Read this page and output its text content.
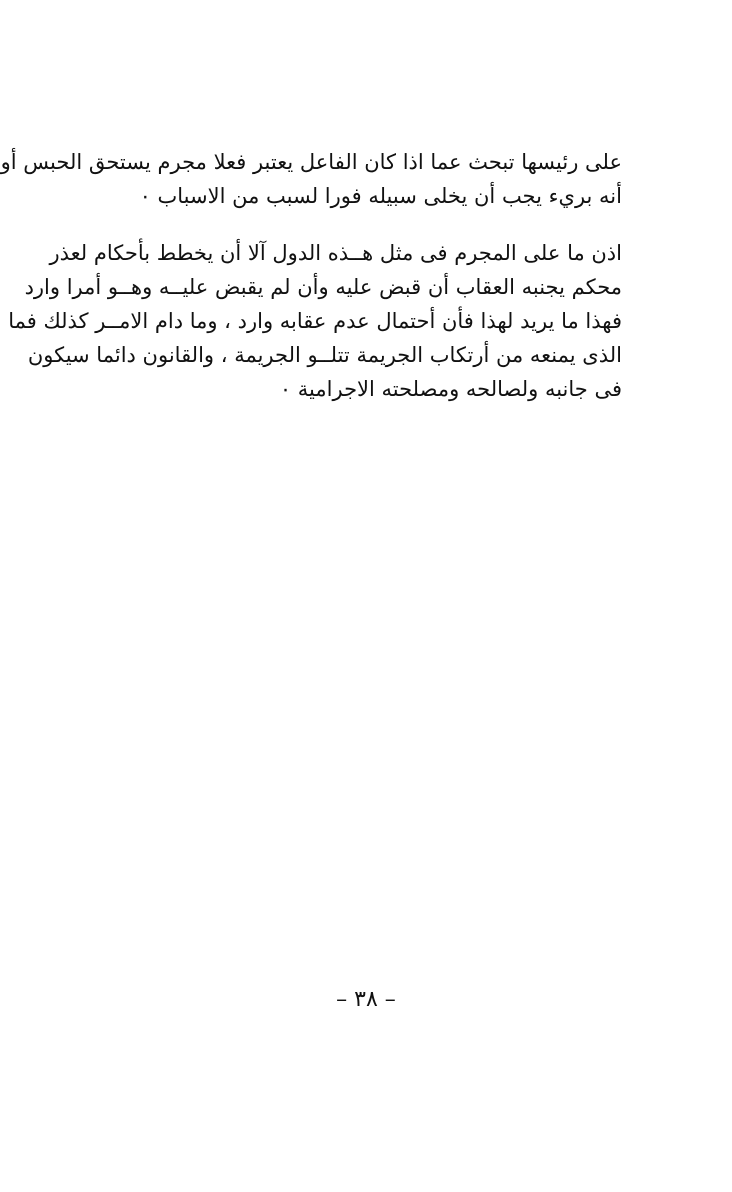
على رئيسها تبحث عما اذا كان الفاعل يعتبر فعلا مجرم يستحق الحبس أو
أنه بريء يجب أن يخلى سبيله فورا لسبب من الاسباب ٠
اذن ما على المجرم فى مثل هــذه الدول آلا أن يخطط بأحكام لعذر
محكم يجنبه العقاب أن قبض عليه وأن لم يقبض عليــه وهــو أمرا وارد
فهذا ما يريد لهذا فأن أحتمال عدم عقابه وارد ، وما دام الامــر كذلك فما
الذى يمنعه من أرتكاب الجريمة تتلــو الجريمة ، والقانون دائما سيكون
فى جانبه ولصالحه ومصلحته الاجرامية ٠
– ٣٨ –
